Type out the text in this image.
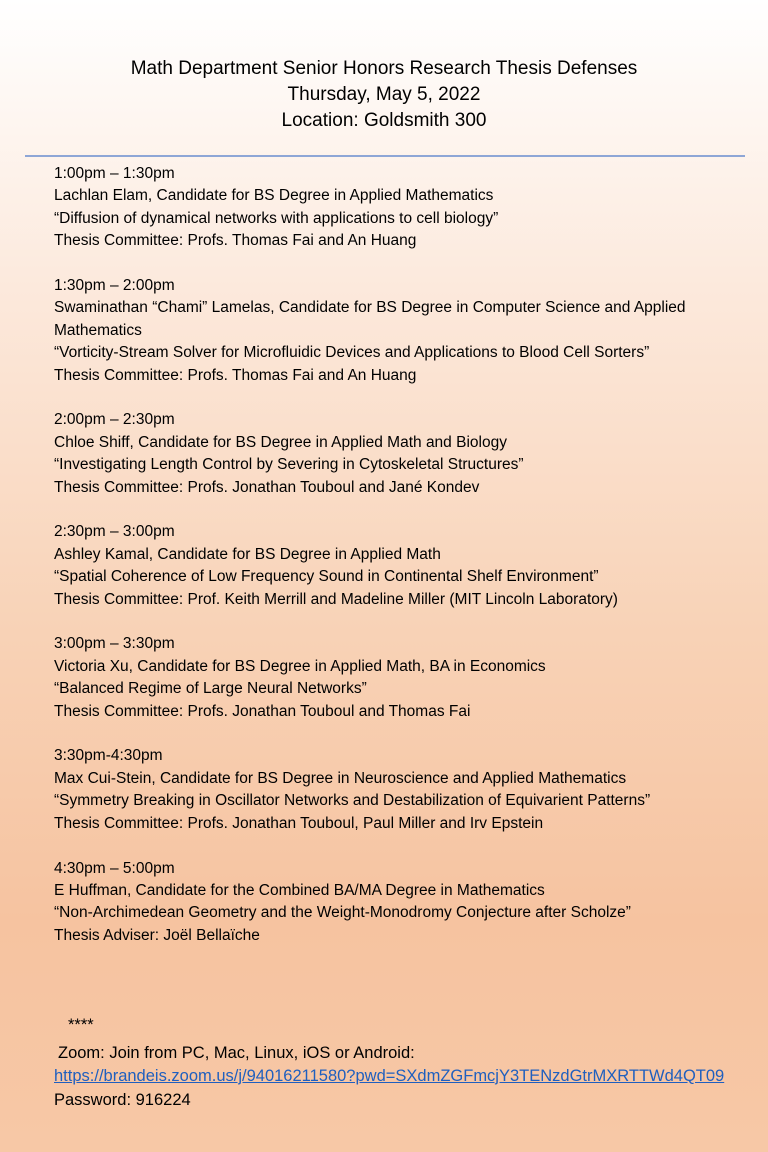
Math Department Senior Honors Research Thesis Defenses
Thursday, May 5, 2022
Location: Goldsmith 300
1:00pm – 1:30pm
Lachlan Elam, Candidate for BS Degree in Applied Mathematics
“Diffusion of dynamical networks with applications to cell biology”
Thesis Committee: Profs. Thomas Fai and An Huang
1:30pm – 2:00pm
Swaminathan “Chami” Lamelas, Candidate for BS Degree in Computer Science and Applied Mathematics
“Vorticity-Stream Solver for Microfluidic Devices and Applications to Blood Cell Sorters”
Thesis Committee: Profs. Thomas Fai and An Huang
2:00pm – 2:30pm
Chloe Shiff, Candidate for BS Degree in Applied Math and Biology
“Investigating Length Control by Severing in Cytoskeletal Structures”
Thesis Committee: Profs. Jonathan Touboul and Jané Kondev
2:30pm – 3:00pm
Ashley Kamal, Candidate for BS Degree in Applied Math
“Spatial Coherence of Low Frequency Sound in Continental Shelf Environment”
Thesis Committee: Prof. Keith Merrill and Madeline Miller (MIT Lincoln Laboratory)
3:00pm – 3:30pm
Victoria Xu, Candidate for BS Degree in Applied Math, BA in Economics
“Balanced Regime of Large Neural Networks”
Thesis Committee: Profs. Jonathan Touboul and Thomas Fai
3:30pm-4:30pm
Max Cui-Stein, Candidate for BS Degree in Neuroscience and Applied Mathematics
“Symmetry Breaking in Oscillator Networks and Destabilization of Equivarient Patterns”
Thesis Committee: Profs. Jonathan Touboul, Paul Miller and Irv Epstein
4:30pm – 5:00pm
E Huffman, Candidate for the Combined BA/MA Degree in Mathematics
“Non-Archimedean Geometry and the Weight-Monodromy Conjecture after Scholze”
Thesis Adviser: Joël Bellaïche
****
Zoom: Join from PC, Mac, Linux, iOS or Android:
https://brandeis.zoom.us/j/94016211580?pwd=SXdmZGFmcjY3TENzdGtrMXRTTWd4QT09 Password: 916224
